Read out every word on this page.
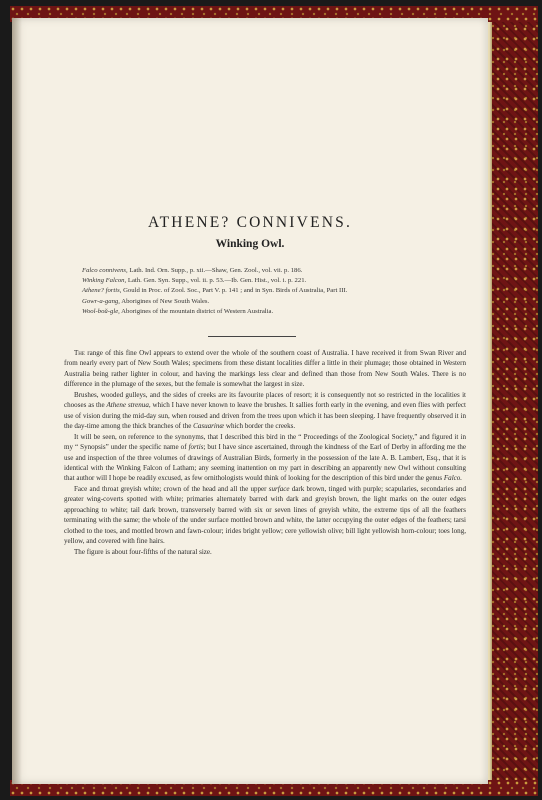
ATHENE? CONNIVENS.
Winking Owl.
Falco connivens, Lath. Ind. Orn. Supp., p. xii.—Shaw, Gen. Zool., vol. vii. p. 186.
Winking Falcon, Lath. Gen. Syn. Supp., vol. ii. p. 53.—Ib. Gen. Hist., vol. i. p. 221.
Athene? fortis, Gould in Proc. of Zool. Soc., Part V. p. 141 ; and in Syn. Birds of Australia, Part III.
Gowr-a-gang, Aborigines of New South Wales.
Wool-boŭ-gle, Aborigines of the mountain district of Western Australia.

The range of this fine Owl appears to extend over the whole of the southern coast of Australia. I have received it from Swan River and from nearly every part of New South Wales; specimens from these distant localities differ a little in their plumage; those obtained in Western Australia being rather lighter in colour, and having the markings less clear and defined than those from New South Wales. There is no difference in the plumage of the sexes, but the female is somewhat the largest in size.

Brushes, wooded gulleys, and the sides of creeks are its favourite places of resort; it is consequently not so restricted in the localities it chooses as the Athene strenua, which I have never known to leave the brushes. It sallies forth early in the evening, and even flies with perfect use of vision during the mid-day sun, when roused and driven from the trees upon which it has been sleeping. I have frequently observed it in the day-time among the thick branches of the Casuarinæ which border the creeks.

It will be seen, on reference to the synonyms, that I described this bird in the “ Proceedings of the Zoological Society,” and figured it in my “ Synopsis” under the specific name of fortis; but I have since ascertained, through the kindness of the Earl of Derby in affording me the use and inspection of the three volumes of drawings of Australian Birds, formerly in the possession of the late A. B. Lambert, Esq., that it is identical with the Winking Falcon of Latham; any seeming inattention on my part in describing an apparently new Owl without consulting that author will I hope be readily excused, as few ornithologists would think of looking for the description of this bird under the genus Falco.

Face and throat greyish white; crown of the head and all the upper surface dark brown, tinged with purple; scapularies, secondaries and greater wing-coverts spotted with white; primaries alternately barred with dark and greyish brown, the light marks on the outer edges approaching to white; tail dark brown, transversely barred with six or seven lines of greyish white, the extreme tips of all the feathers terminating with the same; the whole of the under surface mottled brown and white, the latter occupying the outer edges of the feathers; tarsi clothed to the toes, and mottled brown and fawn-colour; irides bright yellow; cere yellowish olive; bill light yellowish horn-colour; toes long, yellow, and covered with fine hairs.

The figure is about four-fifths of the natural size.
